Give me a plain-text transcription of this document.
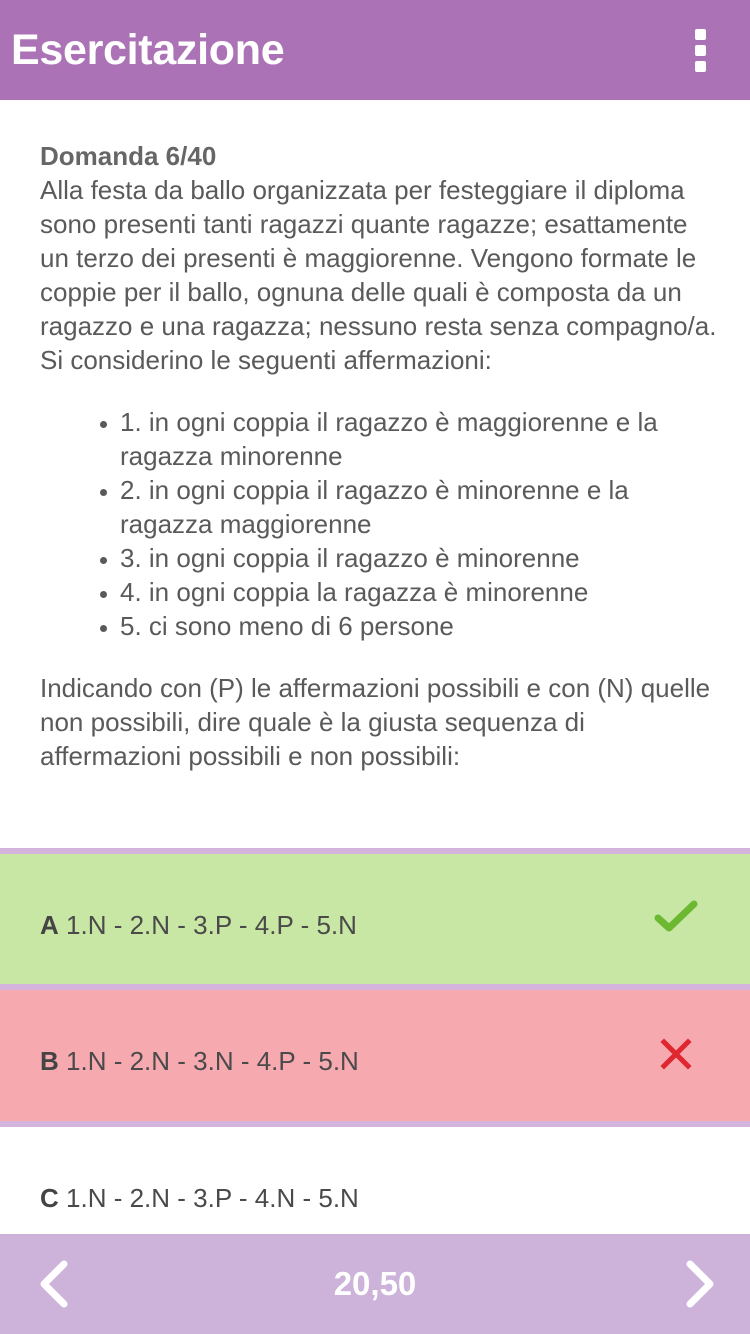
Esercitazione
Domanda 6/40
Alla festa da ballo organizzata per festeggiare il diploma sono presenti tanti ragazzi quante ragazze; esattamente un terzo dei presenti è maggiorenne. Vengono formate le coppie per il ballo, ognuna delle quali è composta da un ragazzo e una ragazza; nessuno resta senza compagno/a. Si considerino le seguenti affermazioni:
• 1. in ogni coppia il ragazzo è maggiorenne e la ragazza minorenne
• 2. in ogni coppia il ragazzo è minorenne e la ragazza maggiorenne
• 3. in ogni coppia il ragazzo è minorenne
• 4. in ogni coppia la ragazza è minorenne
• 5. ci sono meno di 6 persone
Indicando con (P) le affermazioni possibili e con (N) quelle non possibili, dire quale è la giusta sequenza di affermazioni possibili e non possibili:
A 1.N - 2.N - 3.P - 4.P - 5.N
B 1.N - 2.N - 3.N - 4.P - 5.N
C 1.N - 2.N - 3.P - 4.N - 5.N
20,50
